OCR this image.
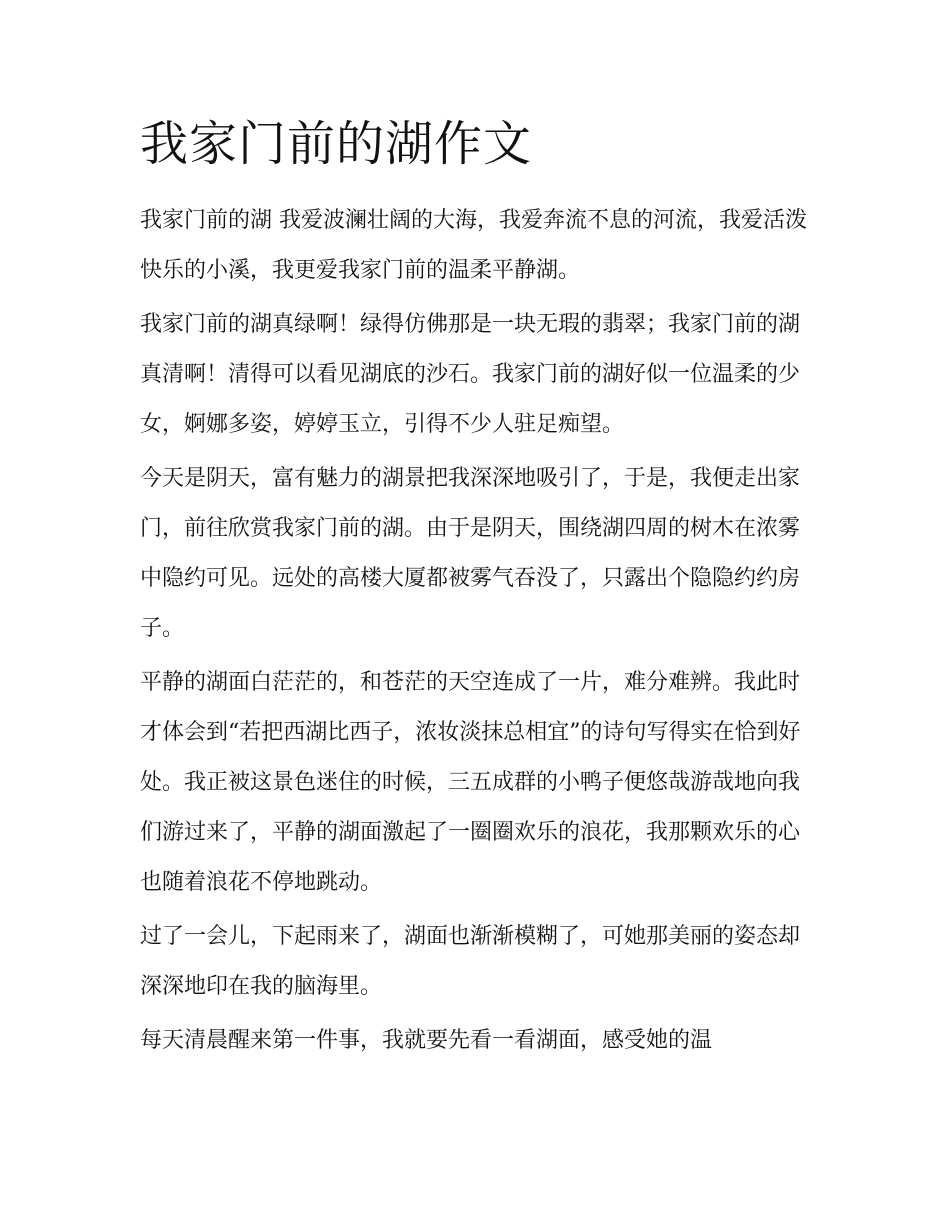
我家门前的湖作文

我家门前的湖 我爱波澜壮阔的大海，我爱奔流不息的河流，我爱活泼快乐的小溪，我更爱我家门前的温柔平静湖。

我家门前的湖真绿啊！绿得仿佛那是一块无瑕的翡翠；我家门前的湖真清啊！清得可以看见湖底的沙石。我家门前的湖好似一位温柔的少女，婀娜多姿，婷婷玉立，引得不少人驻足痴望。

今天是阴天，富有魅力的湖景把我深深地吸引了，于是，我便走出家门，前往欣赏我家门前的湖。由于是阴天，围绕湖四周的树木在浓雾中隐约可见。远处的高楼大厦都被雾气吞没了，只露出个隐隐约约房子。

平静的湖面白茫茫的，和苍茫的天空连成了一片，难分难辨。我此时才体会到“若把西湖比西子，浓妆淡抹总相宜”的诗句写得实在恰到好处。我正被这景色迷住的时候，三五成群的小鸭子便悠哉游哉地向我们游过来了，平静的湖面激起了一圈圈欢乐的浪花，我那颗欢乐的心也随着浪花不停地跳动。

过了一会儿，下起雨来了，湖面也渐渐模糊了，可她那美丽的姿态却深深地印在我的脑海里。

每天清晨醒来第一件事，我就要先看一看湖面，感受她的温
